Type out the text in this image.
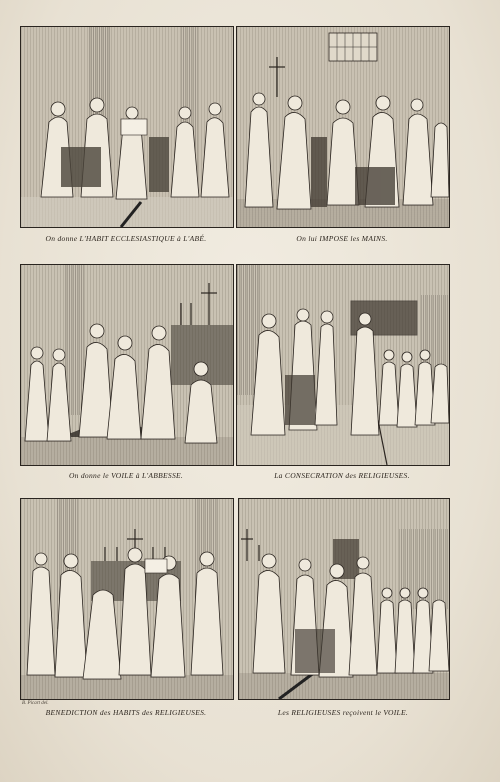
On donne L'HABIT ECCLESIASTIQUE à L'ABÉ.	On lui IMPOSE les MAINS.
On donne le VOILE à L'ABBESSE.	La CONSECRATION des RELIGIEUSES.
B. Picart del.
BENEDICTION des HABITS des RELIGIEUSES.	Les RELIGIEUSES reçoivent le VOILE.
